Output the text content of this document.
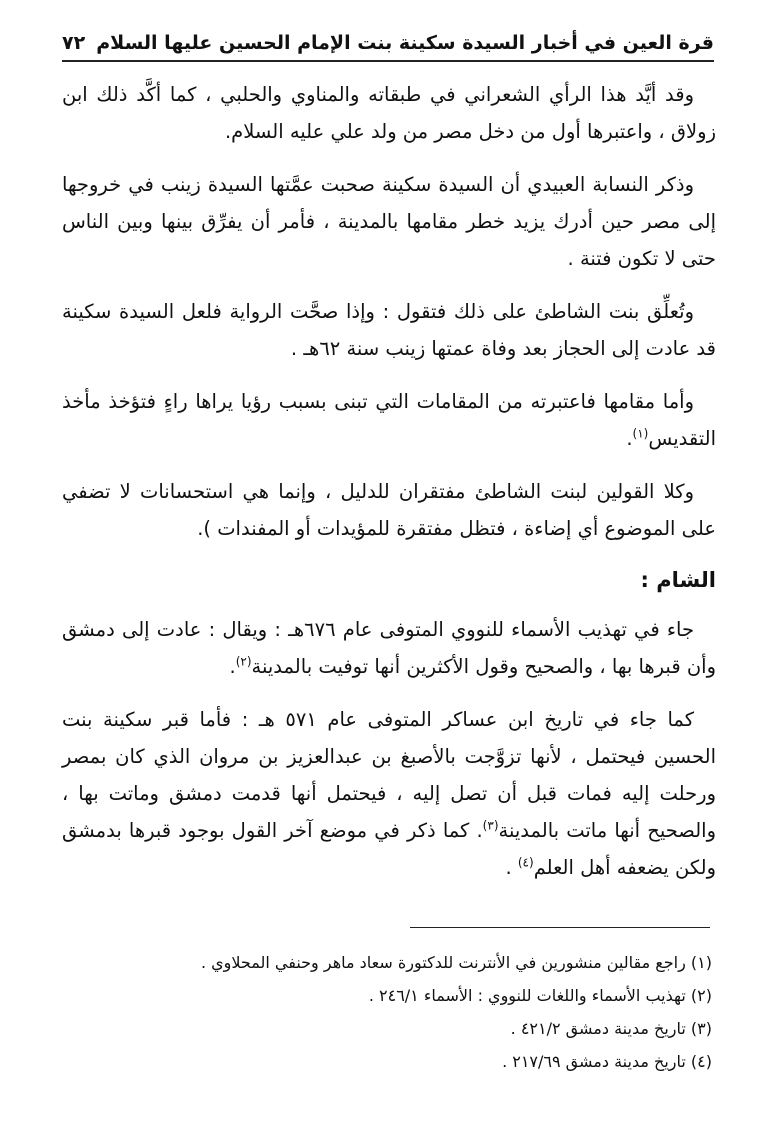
قرة العين في أخبار السيدة سكينة بنت الإمام الحسين عليها السلام
٧٢

وقد أيَّد هذا الرأي الشعراني في طبقاته والمناوي والحلبي ، كما أكَّد ذلك ابن زولاق ، واعتبرها أول من دخل مصر من ولد علي عليه السلام.

وذكر النسابة العبيدي أن السيدة سكينة صحبت عمَّتها السيدة زينب في خروجها إلى مصر حين أدرك يزيد خطر مقامها بالمدينة ، فأمر أن يفرِّق بينها وبين الناس حتى لا تكون فتنة .

وتُعلِّق بنت الشاطئ على ذلك فتقول : وإذا صحَّت الرواية فلعل السيدة سكينة قد عادت إلى الحجاز بعد وفاة عمتها زينب سنة ٦٢هـ .

وأما مقامها فاعتبرته من المقامات التي تبنى بسبب رؤيا يراها راءٍ فتؤخذ مأخذ التقديس$^{(١)}$.

وكلا القولين لبنت الشاطئ مفتقران للدليل ، وإنما هي استحسانات لا تضفي على الموضوع أي إضاءة ، فتظل مفتقرة للمؤيدات أو المفندات ).

الشام :

جاء في تهذيب الأسماء للنووي المتوفى عام ٦٧٦هـ : ويقال : عادت إلى دمشق وأن قبرها بها ، والصحيح وقول الأكثرين أنها توفيت بالمدينة$^{(٢)}$.

كما جاء في تاريخ ابن عساكر المتوفى عام ٥٧١ هـ : فأما قبر سكينة بنت الحسين فيحتمل ، لأنها تزوَّجت بالأصبغ بن عبدالعزيز بن مروان الذي كان بمصر ورحلت إليه فمات قبل أن تصل إليه ، فيحتمل أنها قدمت دمشق وماتت بها ، والصحيح أنها ماتت بالمدينة$^{(٣)}$. كما ذكر في موضع آخر القول بوجود قبرها بدمشق ولكن يضعفه أهل العلم$^{(٤)}$ .

(١) راجع مقالين منشورين في الأنترنت للدكتورة سعاد ماهر وحنفي المحلاوي .
(٢) تهذيب الأسماء واللغات للنووي : الأسماء ٢٤٦/١ .
(٣) تاريخ مدينة دمشق ٤٢١/٢ .
(٤) تاريخ مدينة دمشق ٢١٧/٦٩ .
